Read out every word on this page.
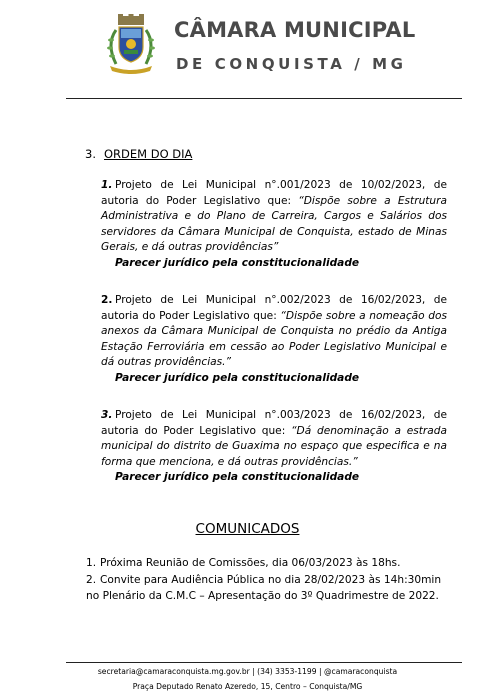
CÂMARA MUNICIPAL
DE CONQUISTA / MG
3. ORDEM DO DIA
1. Projeto de Lei Municipal n°.001/2023 de 10/02/2023, de autoria do Poder Legislativo que: “Dispõe sobre a Estrutura Administrativa e do Plano de Carreira, Cargos e Salários dos servidores da Câmara Municipal de Conquista, estado de Minas Gerais, e dá outras providências”
Parecer jurídico pela constitucionalidade
2. Projeto de Lei Municipal n°.002/2023 de 16/02/2023, de autoria do Poder Legislativo que: “Dispõe sobre a nomeação dos anexos da Câmara Municipal de Conquista no prédio da Antiga Estação Ferroviária em cessão ao Poder Legislativo Municipal e dá outras providências.”
Parecer jurídico pela constitucionalidade
3. Projeto de Lei Municipal n°.003/2023 de 16/02/2023, de autoria do Poder Legislativo que: “Dá denominação a estrada municipal do distrito de Guaxima no espaço que especifica e na forma que menciona, e dá outras providências.”
Parecer jurídico pela constitucionalidade
COMUNICADOS
1. Próxima Reunião de Comissões, dia 06/03/2023 às 18hs.
2. Convite para Audiência Pública no dia 28/02/2023 às 14h:30min no Plenário da C.M.C – Apresentação do 3º Quadrimestre de 2022.
secretaria@camaraconquista.mg.gov.br | (34) 3353-1199 | @camaraconquista
Praça Deputado Renato Azeredo, 15, Centro – Conquista/MG
